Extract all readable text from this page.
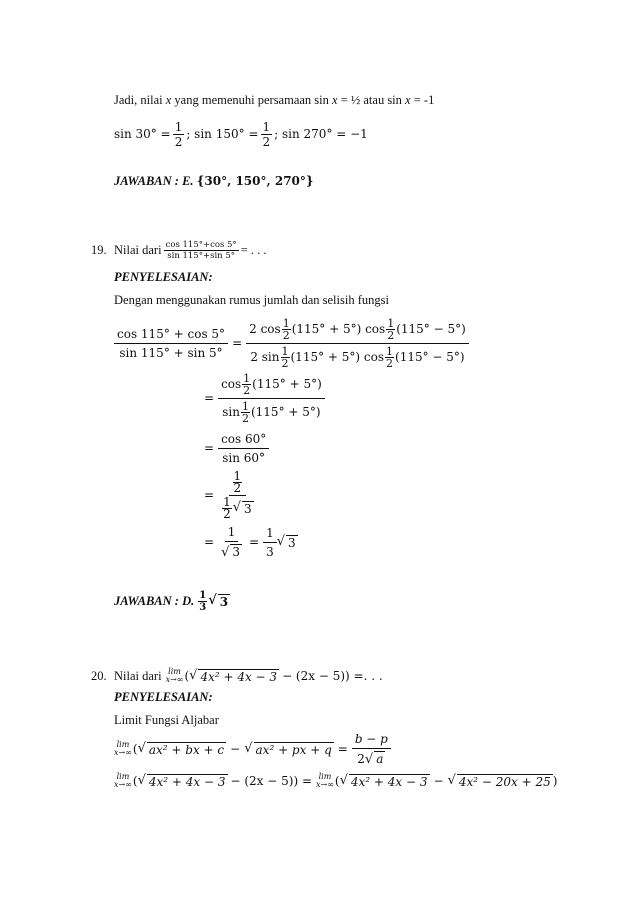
Jadi, nilai x yang memenuhi persamaan sin x = ½ atau sin x = -1
$\sin 30^\circ = \frac{1}{2}$ ; $\sin 150^\circ = \frac{1}{2}$ ; sin 270° = −1
JAWABAN : E. {30°, 150°, 270°}
19. Nilai dari $\frac{\cos 115^\circ+\cos 5^\circ}{\sin 115^\circ+\sin 5^\circ}$ = . . .
PENYELESAIAN:
Dengan menggunakan rumus jumlah dan selisih fungsi
$\frac{\cos 115^\circ + \cos 5^\circ}{\sin 115^\circ + \sin 5^\circ}$ =
2 $\cos \frac{1}{2} (115^\circ + 5^\circ)$ $\cos \frac{1}{2} (115^\circ - 5^\circ)$
2 $\sin \frac{1}{2} (115^\circ + 5^\circ)$ $\cos \frac{1}{2} (115^\circ - 5^\circ)$
= $\frac{\cos \frac{1}{2} (115^\circ + 5^\circ)}{\sin \frac{1}{2} (115^\circ + 5^\circ)}$
= $\frac{\cos 60^\circ}{\sin 60^\circ}$
= $\frac{\frac{1}{2}}{\frac{1}{2} √ 3}$
= $\frac{1}{√ 3} = \frac{1}{3}$ √ 3
JAWABAN : D. $\frac{1}{3}$ √ 3
20. Nilai dari lim
x→∞ ( √ 4x² + 4x − 3 − (2x − 5)) =. . .
PENYELESAIAN:
Limit Fungsi Aljabar
lim
x→∞ ( √ ax² + bx + c − √ ax² + px + $q = \frac{b - p}{2√ a}$
lim
x→∞ ( √ 4x² + 4x − 3 − (2x − 5)) = lim
x→∞ ( √ 4x² + 4x − 3 − √ 4x² − 20x + 25 )
